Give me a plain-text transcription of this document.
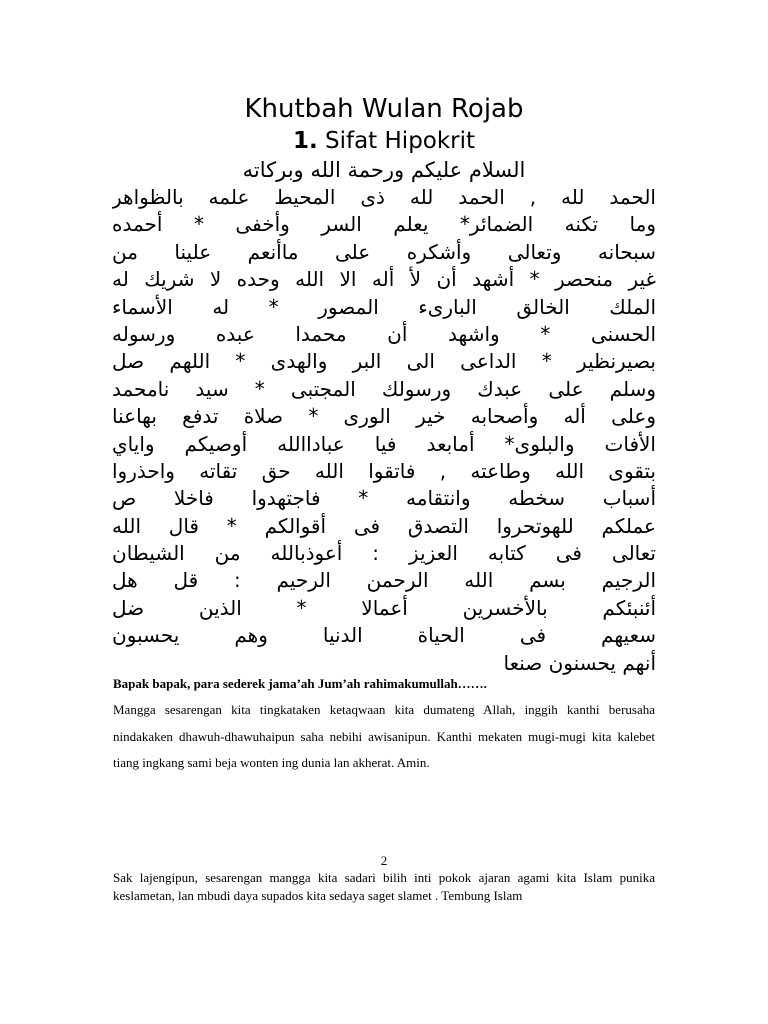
Khutbah Wulan Rojab
1. Sifat Hipokrit
السلام عليكم ورحمة الله وبركاته
الحمد لله , الحمد لله ذى المحيط علمه بالظواهر
وما تكنه الضمائر* يعلم السر وأخفى * أحمده
سبحانه وتعالى وأشكره على ماأنعم علينا من
غير منحصر * أشهد أن لأ أله الا الله وحده لا شريك له
الملك الخالق البارىء المصور * له الأسماء
الحسنى * واشهد أن محمدا عبده ورسوله
بصيرنظير * الداعى الى البر والهدى * اللهم صل
وسلم على عبدك ورسولك المجتبى * سيد نامحمد
وعلى أله وأصحابه خير الورى * صلاة تدفع بهاعنا
الأفات والبلوى* أمابعد فيا عباداالله أوصيكم واياي
بتقوى الله وطاعته , فاتقوا الله حق تقاته واحذروا
أسباب سخطه وانتقامه * فاجتهدوا فاخلا ص
عملكم للهوتحروا التصدق فى أقوالكم * قال الله
تعالى فى كتابه العزيز : أعوذبالله من الشيطان
الرجيم بسم الله الرحمن الرحيم : قل هل
أئنبئكم بالأخسرين أعمالا * الذين ضل
سعيهم فى الحياة الدنيا وهم يحسبون
أنهم يحسنون صنعا
Bapak bapak, para sederek jama’ah Jum’ah rahimakumullah…….
Mangga sesarengan kita tingkataken ketaqwaan kita dumateng Allah, inggih kanthi berusaha nindakaken dhawuh-dhawuhaipun saha nebihi awisanipun. Kanthi mekaten mugi-mugi kita kalebet tiang ingkang sami beja wonten ing dunia lan akherat. Amin.
2
Sak lajengipun, sesarengan mangga kita sadari bilih inti pokok ajaran agami kita Islam punika keslametan, lan mbudi daya supados kita sedaya saget slamet . Tembung Islam
